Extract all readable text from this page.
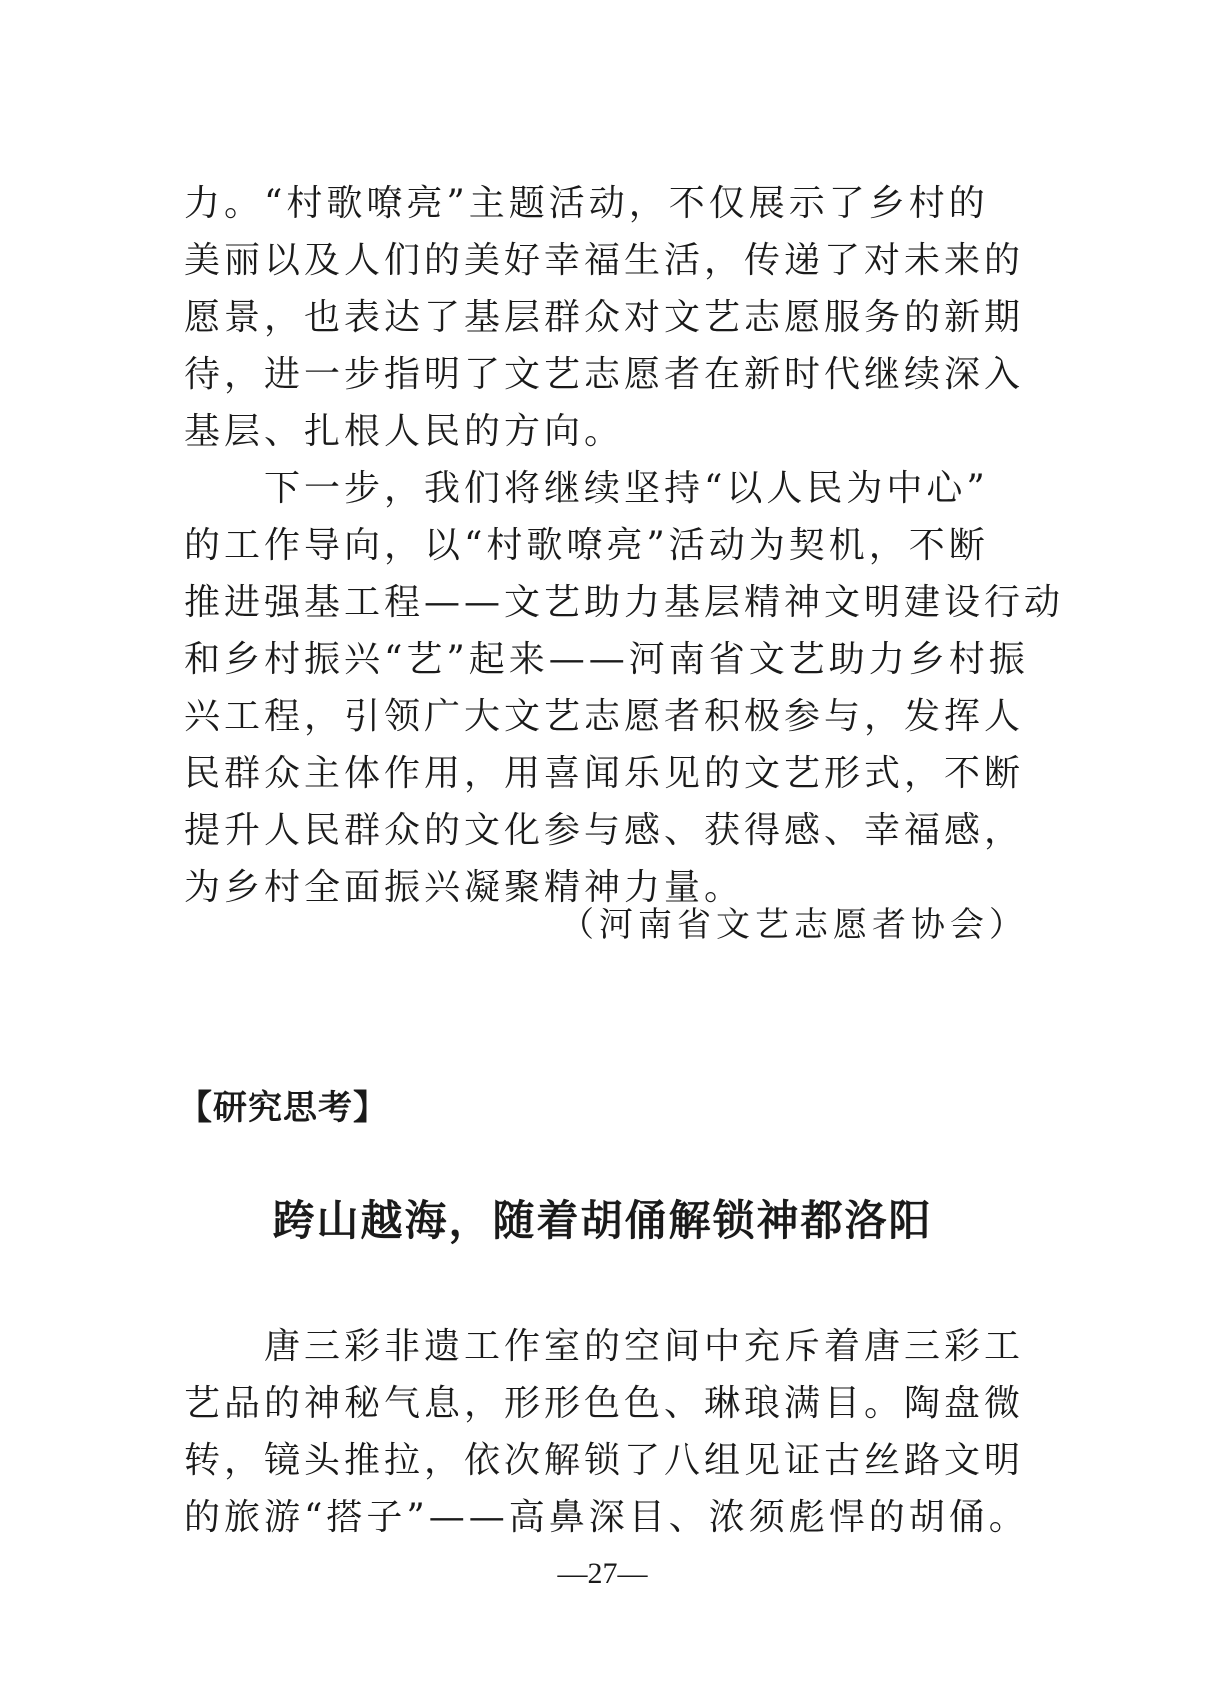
力。“村歌嘹亮”主题活动，不仅展示了乡村的
美丽以及人们的美好幸福生活，传递了对未来的
愿景，也表达了基层群众对文艺志愿服务的新期
待，进一步指明了文艺志愿者在新时代继续深入
基层、扎根人民的方向。
下一步，我们将继续坚持“以人民为中心”
的工作导向，以“村歌嘹亮”活动为契机，不断
推进强基工程——文艺助力基层精神文明建设行动
和乡村振兴“艺”起来——河南省文艺助力乡村振
兴工程，引领广大文艺志愿者积极参与，发挥人
民群众主体作用，用喜闻乐见的文艺形式，不断
提升人民群众的文化参与感、获得感、幸福感，
为乡村全面振兴凝聚精神力量。
（河南省文艺志愿者协会）
【研究思考】
跨山越海，随着胡俑解锁神都洛阳
唐三彩非遗工作室的空间中充斥着唐三彩工
艺品的神秘气息，形形色色、琳琅满目。陶盘微
转，镜头推拉，依次解锁了八组见证古丝路文明
的旅游“搭子”——高鼻深目、浓须彪悍的胡俑。
—27—
